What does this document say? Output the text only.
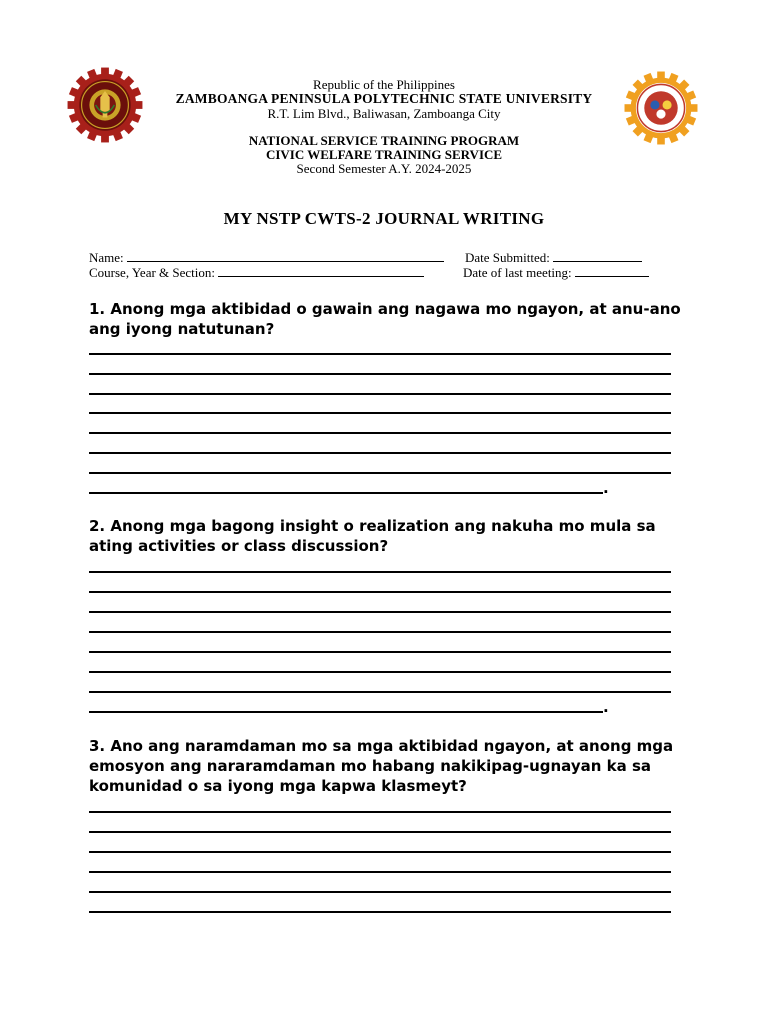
Republic of the Philippines
ZAMBOANGA PENINSULA POLYTECHNIC STATE UNIVERSITY
R.T. Lim Blvd., Baliwasan, Zamboanga City
NATIONAL SERVICE TRAINING PROGRAM
CIVIC WELFARE TRAINING SERVICE
Second Semester A.Y. 2024-2025
MY NSTP CWTS-2 JOURNAL WRITING
Name:
Course, Year & Section:
Date Submitted:
Date of last meeting:
1. Anong mga aktibidad o gawain ang nagawa mo ngayon, at anu-ano ang iyong natutunan?
.
2. Anong mga bagong insight o realization ang nakuha mo mula sa ating activities or class discussion?
.
3. Ano ang naramdaman mo sa mga aktibidad ngayon, at anong mga emosyon ang nararamdaman mo habang nakikipag-ugnayan ka sa komunidad o sa iyong mga kapwa klasmeyt?
